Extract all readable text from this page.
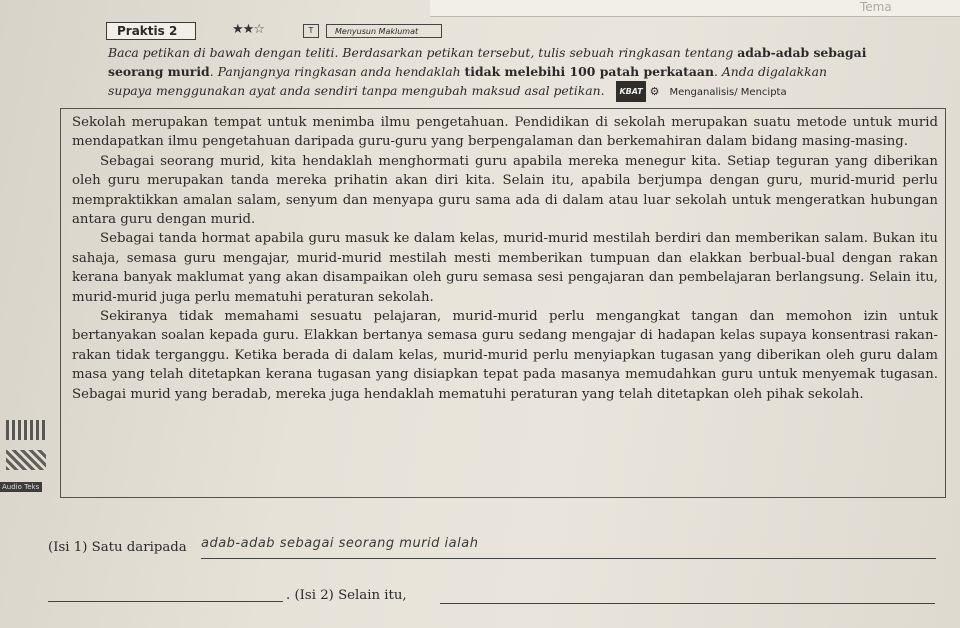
Tema
Praktis 2	★★☆	T	Menyusun Maklumat
Baca petikan di bawah dengan teliti. Berdasarkan petikan tersebut, tulis sebuah ringkasan tentang adab-adab sebagai
seorang murid. Panjangnya ringkasan anda hendaklah tidak melebihi 100 patah perkataan. Anda digalakkan
supaya menggunakan ayat anda sendiri tanpa mengubah maksud asal petikan. KBAT ⚙ Menganalisis/ Mencipta

Sekolah merupakan tempat untuk menimba ilmu pengetahuan. Pendidikan di sekolah merupakan suatu metode untuk murid mendapatkan ilmu pengetahuan daripada guru-guru yang berpengalaman dan berkemahiran dalam bidang masing-masing.

Sebagai seorang murid, kita hendaklah menghormati guru apabila mereka menegur kita. Setiap teguran yang diberikan oleh guru merupakan tanda mereka prihatin akan diri kita. Selain itu, apabila berjumpa dengan guru, murid-murid perlu mempraktikkan amalan salam, senyum dan menyapa guru sama ada di dalam atau luar sekolah untuk mengeratkan hubungan antara guru dengan murid.

Sebagai tanda hormat apabila guru masuk ke dalam kelas, murid-murid mestilah berdiri dan memberikan salam. Bukan itu sahaja, semasa guru mengajar, murid-murid mestilah mesti memberikan tumpuan dan elakkan berbual-bual dengan rakan kerana banyak maklumat yang akan disampaikan oleh guru semasa sesi pengajaran dan pembelajaran berlangsung. Selain itu, murid-murid juga perlu mematuhi peraturan sekolah.

Sekiranya tidak memahami sesuatu pelajaran, murid-murid perlu mengangkat tangan dan memohon izin untuk bertanyakan soalan kepada guru. Elakkan bertanya semasa guru sedang mengajar di hadapan kelas supaya konsentrasi rakan-rakan tidak terganggu. Ketika berada di dalam kelas, murid-murid perlu menyiapkan tugasan yang diberikan oleh guru dalam masa yang telah ditetapkan kerana tugasan yang disiapkan tepat pada masanya memudahkan guru untuk menyemak tugasan. Sebagai murid yang beradab, mereka juga hendaklah mematuhi peraturan yang telah ditetapkan oleh pihak sekolah.

Audio Teks
(Isi 1) Satu daripada adab-adab sebagai seorang murid ialah
. (Isi 2) Selain itu,
